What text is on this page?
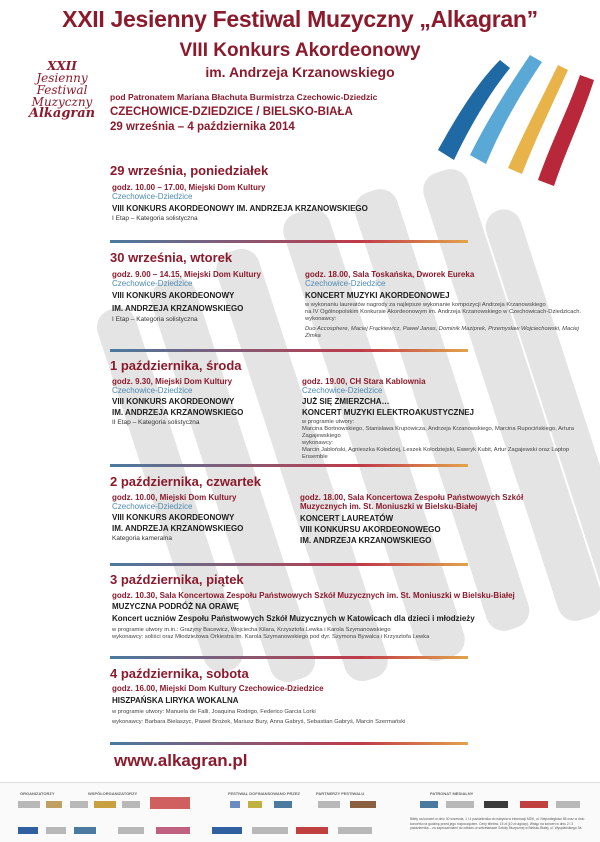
XXII Jesienny Festiwal Muzyczny „Alkagran”
VIII Konkurs Akordeonowy
im. Andrzeja Krzanowskiego
XXII
Jesienny
Festiwal
Muzyczny
Alkagran
pod Patronatem Mariana Błachuta Burmistrza Czechowic-Dziedzic
CZECHOWICE-DZIEDZICE / BIELSKO-BIAŁA
29 września – 4 października 2014
29 września, poniedziałek
godz. 10.00 – 17.00, Miejski Dom Kultury
Czechowice-Dziedzice
VIII KONKURS AKORDEONOWY IM. ANDRZEJA KRZANOWSKIEGO
I Etap – Kategoria solistyczna
30 września, wtorek
godz. 9.00 – 14.15, Miejski Dom Kultury
Czechowice-Dziedzice
VIII KONKURS AKORDEONOWY
IM. ANDRZEJA KRZANOWSKIEGO
I Etap – Kategoria solistyczna
godz. 18.00, Sala Toskańska, Dworek Eureka
Czechowice-Dziedzice
KONCERT MUZYKI AKORDEONOWEJ
w wykonaniu laureatów nagrody za najlepsze wykonanie kompozycji Andrzeja Krzanowskiego
na IV Ogólnopolskim Konkursie Akordeonowym im. Andrzeja Krzanowskiego w Czechowicach-Dziedzicach.
wykonawcy:
Duo Accosphere, Maciej Frąckiewicz, Paweł Janas, Dominik Maziprek, Przemysław Wojciechowski, Maciej Zimka
1 października, środa
godz. 9.30, Miejski Dom Kultury
Czechowice-Dziedzice
VIII KONKURS AKORDEONOWY
IM. ANDRZEJA KRZANOWSKIEGO
II Etap – Kategoria solistyczna
godz. 19.00, CH Stara Kablownia
Czechowice-Dziedzice
JUŻ SIĘ ZMIERZCHA…
KONCERT MUZYKI ELEKTROAKUSTYCZNEJ
w programie utwory:
Marcina Bortnowskiego, Stanisława Krupowicza, Andrzeja Krzanowskiego, Marcina Rupocińskiego, Artura Zagajewskiego
wykonawcy:
Marcin Jabłoński, Agnieszka Kołodziej, Leszek Kołodziejski, Eweryk Kubit, Artur Zagajewski oraz Laptop Ensemble
2 października, czwartek
godz. 10.00, Miejski Dom Kultury
Czechowice-Dziedzice
VIII KONKURS AKORDEONOWY
IM. ANDRZEJA KRZANOWSKIEGO
Kategoria kameralna
godz. 18.00, Sala Koncertowa Zespołu Państwowych Szkół
Muzycznych im. St. Moniuszki w Bielsku-Białej
KONCERT LAUREATÓW
VIII KONKURSU AKORDEONOWEGO
IM. ANDRZEJA KRZANOWSKIEGO
3 października, piątek
godz. 10.30, Sala Koncertowa Zespołu Państwowych Szkół Muzycznych im. St. Moniuszki w Bielsku-Białej
MUZYCZNA PODRÓŻ NA ORAWĘ
Koncert uczniów Zespołu Państwowych Szkół Muzycznych w Katowicach dla dzieci i młodzieży
w programie utwory m.in.: Grażyny Bacewicz, Wojciecha Kilara, Krzysztofa Lewka i Karola Szymanowskiego
wykonawcy: soliści oraz Młodzieżowa Orkiestra im. Karola Szymanowskiego pod dyr. Szymona Bywalca i Krzysztofa Lewka
4 października, sobota
godz. 16.00, Miejski Dom Kultury Czechowice-Dziedzice
HISZPAŃSKA LIRYKA WOKALNA
w programie utwory: Manuela de Falli, Joaquina Rodrigo, Federico Garcia Lorki
wykonawcy: Barbara Bielaszyc, Paweł Brożek, Mariusz Bury, Anna Gabryś, Sebastian Gabryś, Marcin Szermański
www.alkagran.pl
ORGANIZATORZY	WSPÓŁORGANIZATORZY	FESTIWAL DOFINANSOWANO PRZEZ	PARTNERZY FESTIWALU	PATRONAT MEDIALNY
Bilety na koncert w dniu 30 września, 1 i 4 października do nabycia w informacji MDK, ul. Niepodległości 65 oraz w dniu koncertu na godzinę przed jego rozpoczęciem. Ceny biletów: 15 zł (10 zł ulgowy). Wstęp na koncert w dniu 2 i 3 października – za zaproszeniami do odbioru w sekretariacie Szkoły Muzycznej w Bielsku-Białej, ul. Wyspiańskiego 3a.
